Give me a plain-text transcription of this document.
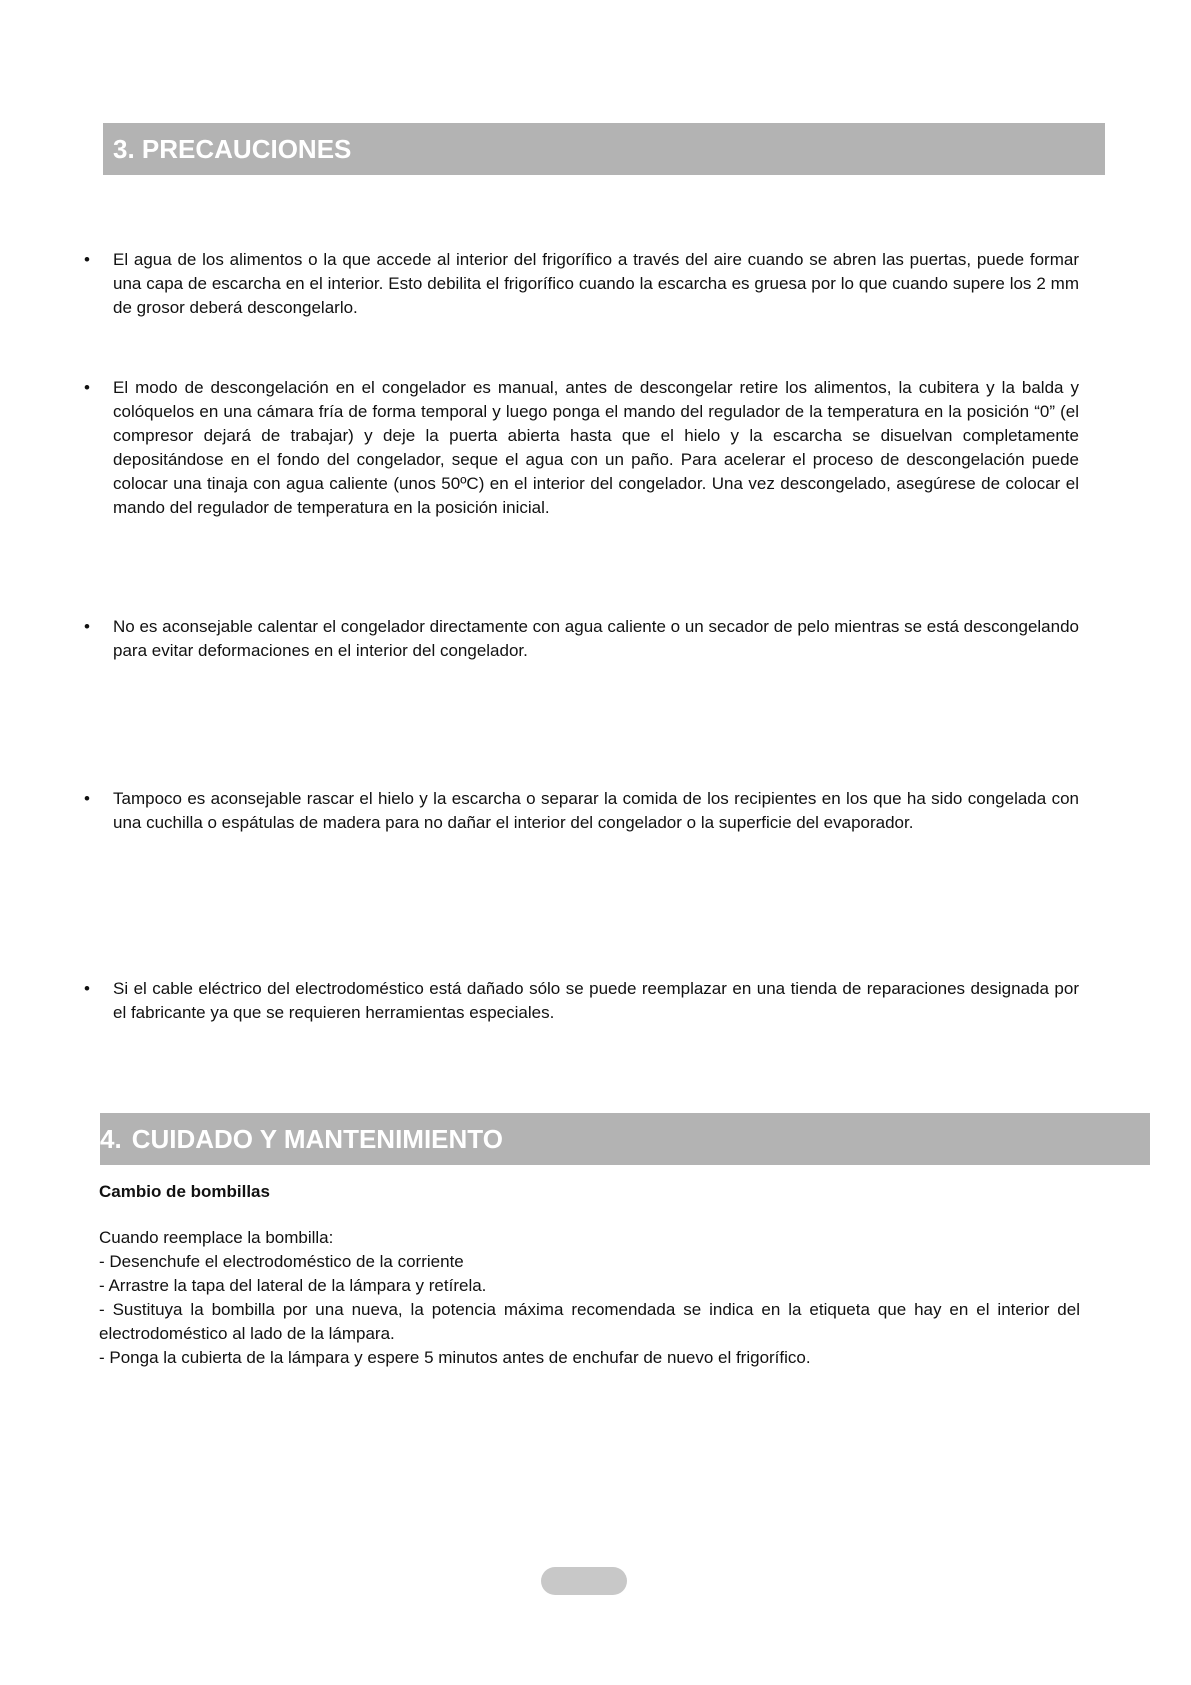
3. PRECAUCIONES
• El agua de los alimentos o la que accede al interior del frigorífico a través del aire cuando se abren las puertas, puede formar una capa de escarcha en el interior. Esto debilita el frigorífico cuando la escarcha es gruesa por lo que cuando supere los 2 mm de grosor deberá descongelarlo.

• El modo de descongelación en el congelador es manual, antes de descongelar retire los alimentos, la cubitera y la balda y colóquelos en una cámara fría de forma temporal y luego ponga el mando del regulador de la temperatura en la posición “0” (el compresor dejará de trabajar) y deje la puerta abierta hasta que el hielo y la escarcha se disuelvan completamente depositándose en el fondo del congelador, seque el agua con un paño. Para acelerar el proceso de descongelación puede colocar una tinaja con agua caliente (unos 50ºC) en el interior del congelador. Una vez descongelado, asegúrese de colocar el mando del regulador de temperatura en la posición inicial.

• No es aconsejable calentar el congelador directamente con agua caliente o un secador de pelo mientras se está descongelando para evitar deformaciones en el interior del congelador.

• Tampoco es aconsejable rascar el hielo y la escarcha o separar la comida de los recipientes en los que ha sido congelada con una cuchilla o espátulas de madera para no dañar el interior del congelador o la superficie del evaporador.

• Si el cable eléctrico del electrodoméstico está dañado sólo se puede reemplazar en una tienda de reparaciones designada por el fabricante ya que se requieren herramientas especiales.

4. CUIDADO Y MANTENIMIENTO

Cambio de bombillas

Cuando reemplace la bombilla:
- Desenchufe el electrodoméstico de la corriente
- Arrastre la tapa del lateral de la lámpara y retírela.
- Sustituya la bombilla por una nueva, la potencia máxima recomendada se indica en la etiqueta que hay en el interior del electrodoméstico al lado de la lámpara.
- Ponga la cubierta de la lámpara y espere 5 minutos antes de enchufar de nuevo el frigorífico.
